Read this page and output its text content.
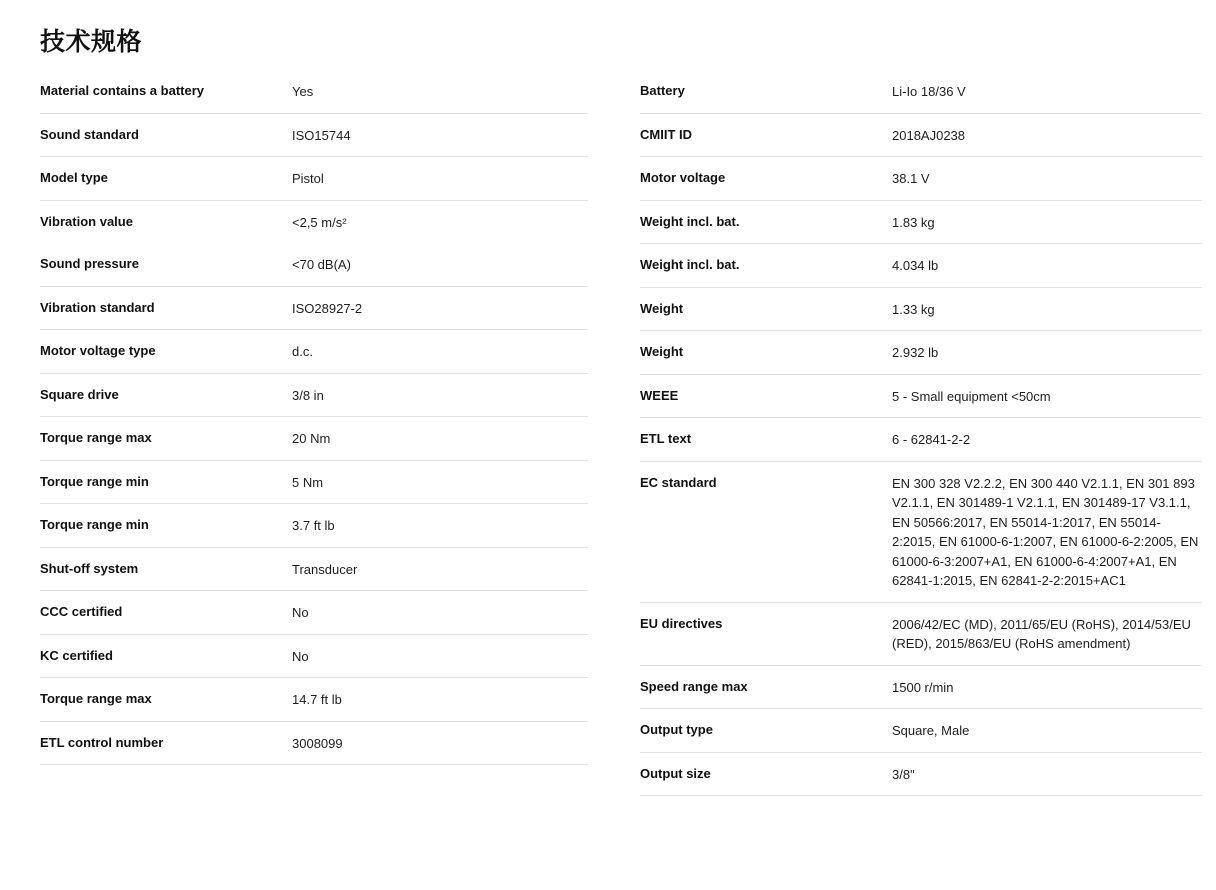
技术规格
Material contains a battery	Yes
Sound standard	ISO15744
Model type	Pistol
Vibration value	<2,5 m/s²
Sound pressure	<70 dB(A)
Vibration standard	ISO28927-2
Motor voltage type	d.c.
Square drive	3/8 in
Torque range max	20 Nm
Torque range min	5 Nm
Torque range min	3.7 ft lb
Shut-off system	Transducer
CCC certified	No
KC certified	No
Torque range max	14.7 ft lb
ETL control number	3008099
Battery	Li-Io 18/36 V
CMIIT ID	2018AJ0238
Motor voltage	38.1 V
Weight incl. bat.	1.83 kg
Weight incl. bat.	4.034 lb
Weight	1.33 kg
Weight	2.932 lb
WEEE	5 - Small equipment <50cm
ETL text	6 - 62841-2-2
EC standard	EN 300 328 V2.2.2, EN 300 440 V2.1.1, EN 301 893 V2.1.1, EN 301489-1 V2.1.1, EN 301489-17 V3.1.1, EN 50566:2017, EN 55014-1:2017, EN 55014-2:2015, EN 61000-6-1:2007, EN 61000-6-2:2005, EN 61000-6-3:2007+A1, EN 61000-6-4:2007+A1, EN 62841-1:2015, EN 62841-2-2:2015+AC1
EU directives	2006/42/EC (MD), 2011/65/EU (RoHS), 2014/53/EU (RED), 2015/863/EU (RoHS amendment)
Speed range max	1500 r/min
Output type	Square, Male
Output size	3/8"
